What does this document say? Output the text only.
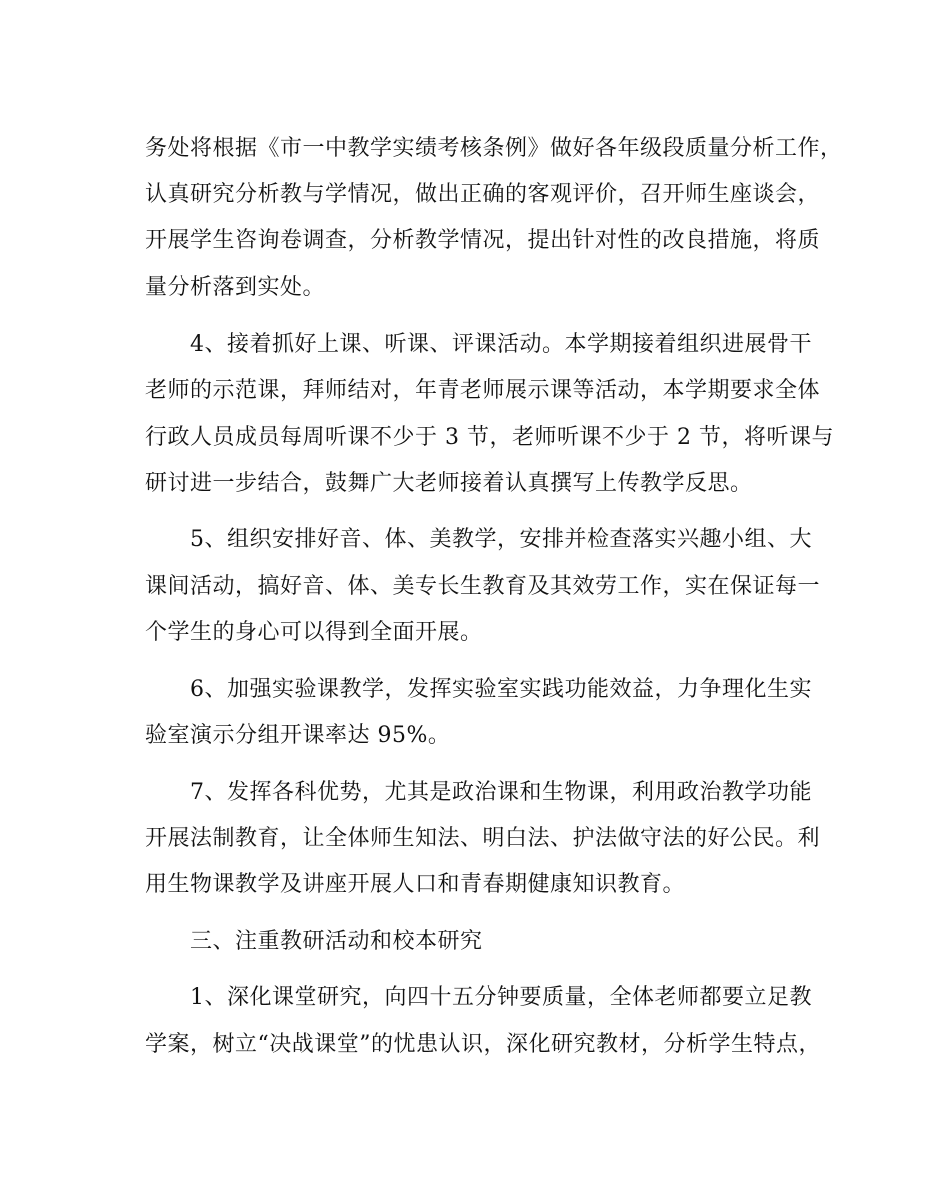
务处将根据《市一中教学实绩考核条例》做好各年级段质量分析工作，
认真研究分析教与学情况，做出正确的客观评价，召开师生座谈会，
开展学生咨询卷调查，分析教学情况，提出针对性的改良措施，将质
量分析落到实处。
4、接着抓好上课、听课、评课活动。本学期接着组织进展骨干
老师的示范课，拜师结对，年青老师展示课等活动，本学期要求全体
行政人员成员每周听课不少于 3 节，老师听课不少于 2 节，将听课与
研讨进一步结合，鼓舞广大老师接着认真撰写上传教学反思。
5、组织安排好音、体、美教学，安排并检查落实兴趣小组、大
课间活动，搞好音、体、美专长生教育及其效劳工作，实在保证每一
个学生的身心可以得到全面开展。
6、加强实验课教学，发挥实验室实践功能效益，力争理化生实
验室演示分组开课率达 95%。
7、发挥各科优势，尤其是政治课和生物课，利用政治教学功能
开展法制教育，让全体师生知法、明白法、护法做守法的好公民。利
用生物课教学及讲座开展人口和青春期健康知识教育。
三、注重教研活动和校本研究
1、深化课堂研究，向四十五分钟要质量，全体老师都要立足教
学案，树立“决战课堂”的忧患认识，深化研究教材，分析学生特点，
